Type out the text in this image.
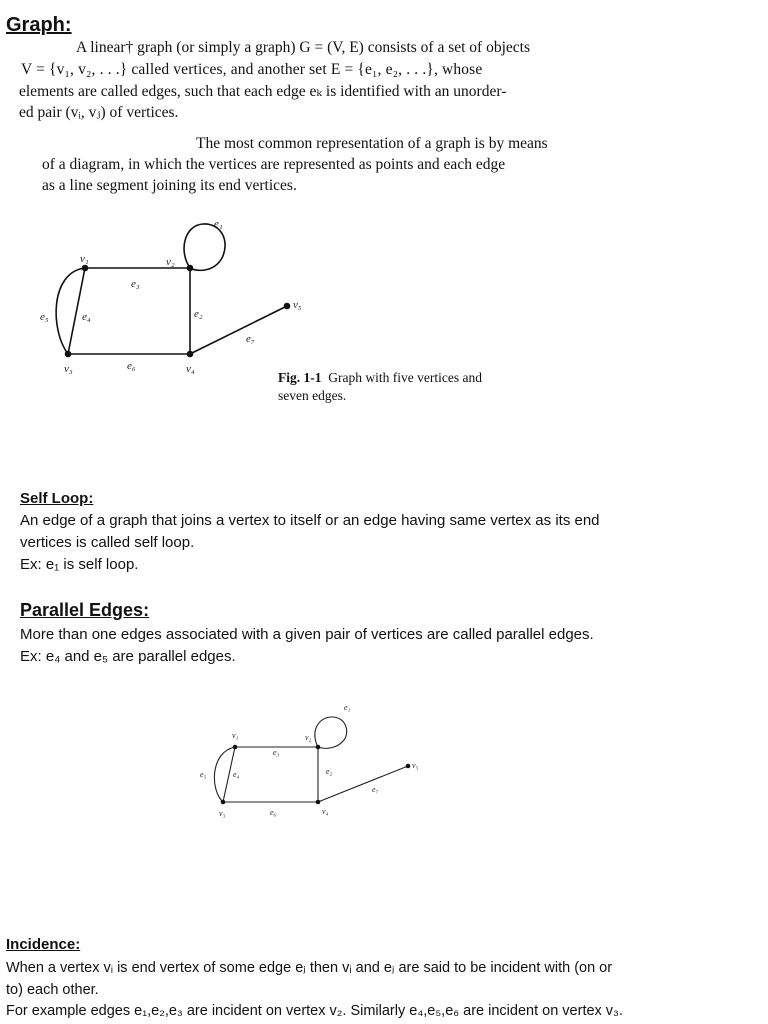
Graph:
A linear† graph (or simply a graph) G = (V, E) consists of a set of objects
V = {v₁, v₂, . . .} called vertices, and another set E = {e₁, e₂, . . .}, whose
elements are called edges, such that each edge eₖ is identified with an unorder-
ed pair (vᵢ, vⱼ) of vertices.
The most common representation of a graph is by means
of a diagram, in which the vertices are represented as points and each edge
as a line segment joining its end vertices.
v₁	v₂
v₃	v₄
v₅
e₁
e₂
e₃
e₄
e₅
e₆
e₇
Fig. 1-1 Graph with five vertices and
seven edges.
Self Loop:
An edge of a graph that joins a vertex to itself or an edge having same vertex as its end
vertices is called self loop.
Ex: e₁ is self loop.
Parallel Edges:
More than one edges associated with a given pair of vertices are called parallel edges.
Ex: e₄ and e₅ are parallel edges.
v₁	v₂
v₃	v₄
v₅
e₁
e₂
e₃
e₄
e₅
e₆
e₇
Incidence:
When a vertex vᵢ is end vertex of some edge eⱼ then vᵢ and eⱼ are said to be incident with (on or
to) each other.
For example edges e₁,e₂,e₃ are incident on vertex v₂. Similarly e₄,e₅,e₆ are incident on vertex v₃.
